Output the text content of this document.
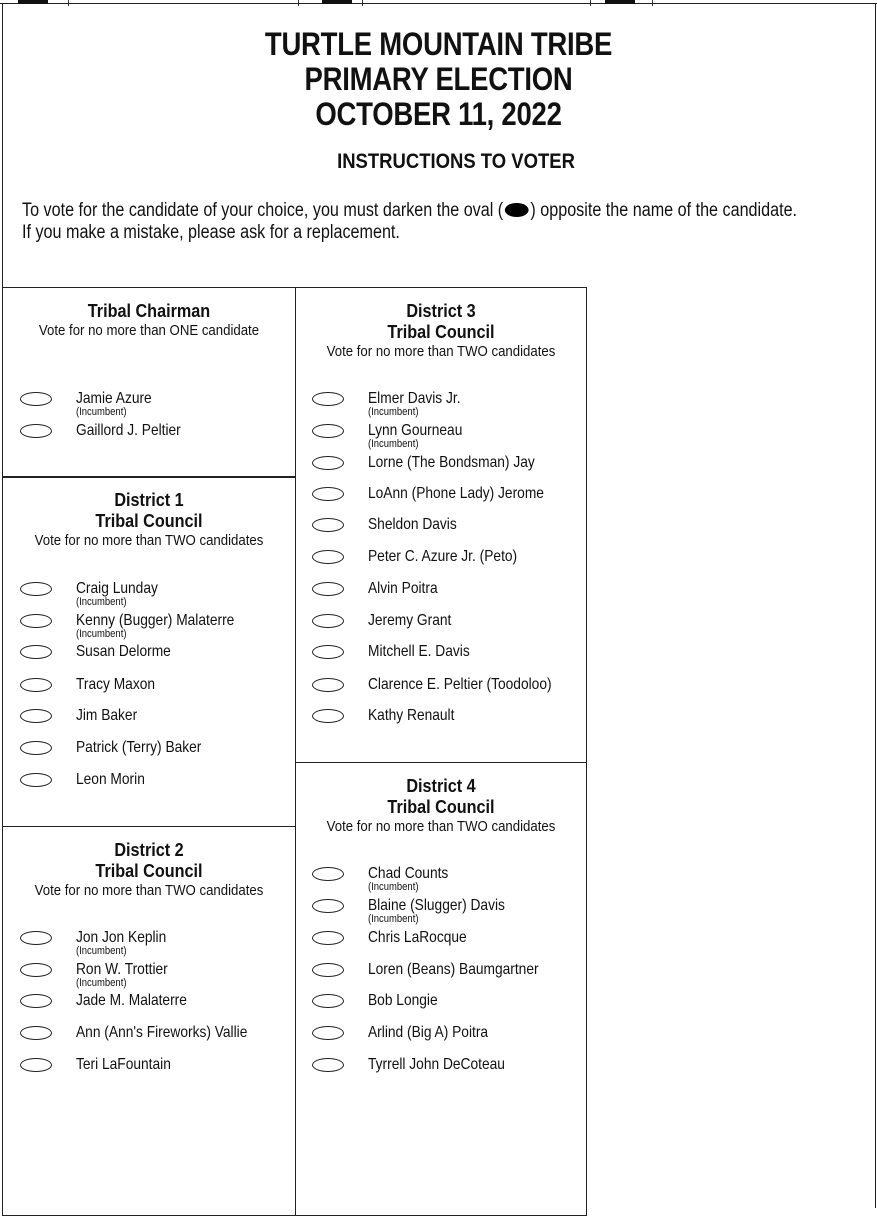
TURTLE MOUNTAIN TRIBE
PRIMARY ELECTION
OCTOBER 11, 2022
INSTRUCTIONS TO VOTER
To vote for the candidate of your choice, you must darken the oval ( ) opposite the name of the candidate.
If you make a mistake, please ask for a replacement.
Tribal Chairman
Vote for no more than ONE candidate
Jamie Azure
(Incumbent)
Gaillord J. Peltier
District 1
Tribal Council
Vote for no more than TWO candidates
Craig Lunday
(Incumbent)
Kenny (Bugger) Malaterre
(Incumbent)
Susan Delorme
Tracy Maxon
Jim Baker
Patrick (Terry) Baker
Leon Morin
District 2
Tribal Council
Vote for no more than TWO candidates
Jon Jon Keplin
(Incumbent)
Ron W. Trottier
(Incumbent)
Jade M. Malaterre
Ann (Ann's Fireworks) Vallie
Teri LaFountain
District 3
Tribal Council
Vote for no more than TWO candidates
Elmer Davis Jr.
(Incumbent)
Lynn Gourneau
(Incumbent)
Lorne (The Bondsman) Jay
LoAnn (Phone Lady) Jerome
Sheldon Davis
Peter C. Azure Jr. (Peto)
Alvin Poitra
Jeremy Grant
Mitchell E. Davis
Clarence E. Peltier (Toodoloo)
Kathy Renault
District 4
Tribal Council
Vote for no more than TWO candidates
Chad Counts
(Incumbent)
Blaine (Slugger) Davis
(Incumbent)
Chris LaRocque
Loren (Beans) Baumgartner
Bob Longie
Arlind (Big A) Poitra
Tyrrell John DeCoteau
